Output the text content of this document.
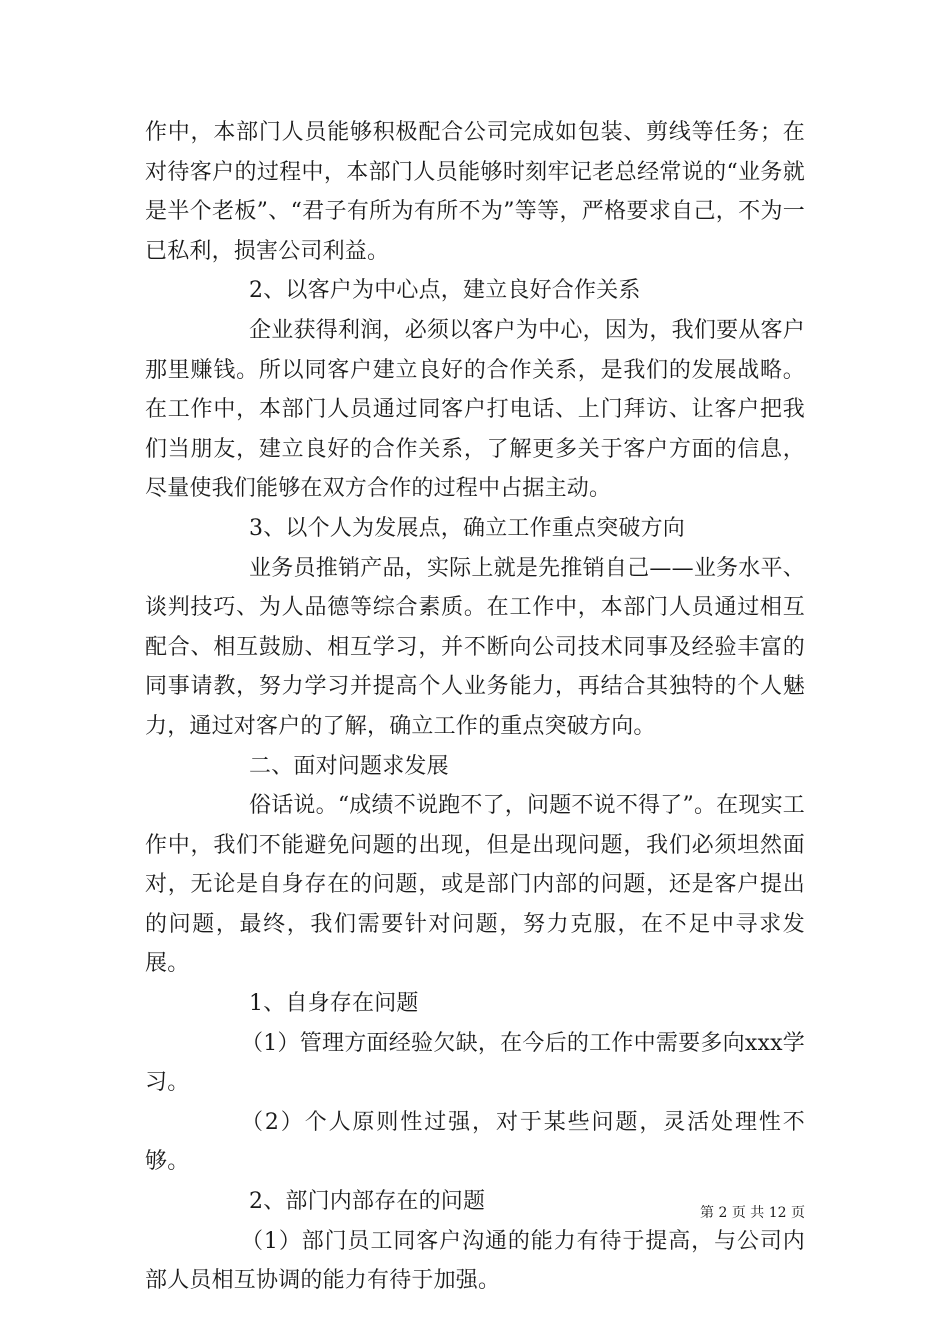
作中，本部门人员能够积极配合公司完成如包装、剪线等任务；在对待客户的过程中，本部门人员能够时刻牢记老总经常说的“业务就是半个老板”、“君子有所为有所不为”等等，严格要求自己，不为一已私利，损害公司利益。

2、以客户为中心点，建立良好合作关系

企业获得利润，必须以客户为中心，因为，我们要从客户那里赚钱。所以同客户建立良好的合作关系，是我们的发展战略。在工作中，本部门人员通过同客户打电话、上门拜访、让客户把我们当朋友，建立良好的合作关系，了解更多关于客户方面的信息，尽量使我们能够在双方合作的过程中占据主动。

3、以个人为发展点，确立工作重点突破方向

业务员推销产品，实际上就是先推销自己——业务水平、谈判技巧、为人品德等综合素质。在工作中，本部门人员通过相互配合、相互鼓励、相互学习，并不断向公司技术同事及经验丰富的同事请教，努力学习并提高个人业务能力，再结合其独特的个人魅力，通过对客户的了解，确立工作的重点突破方向。

二、面对问题求发展

俗话说。“成绩不说跑不了，问题不说不得了”。在现实工作中，我们不能避免问题的出现，但是出现问题，我们必须坦然面对，无论是自身存在的问题，或是部门内部的问题，还是客户提出的问题，最终，我们需要针对问题，努力克服，在不足中寻求发展。

1、自身存在问题

（1）管理方面经验欠缺，在今后的工作中需要多向xxx学习。

（2）个人原则性过强，对于某些问题，灵活处理性不够。

2、部门内部存在的问题

（1）部门员工同客户沟通的能力有待于提高，与公司内部人员相互协调的能力有待于加强。

第 2 页 共 12 页
